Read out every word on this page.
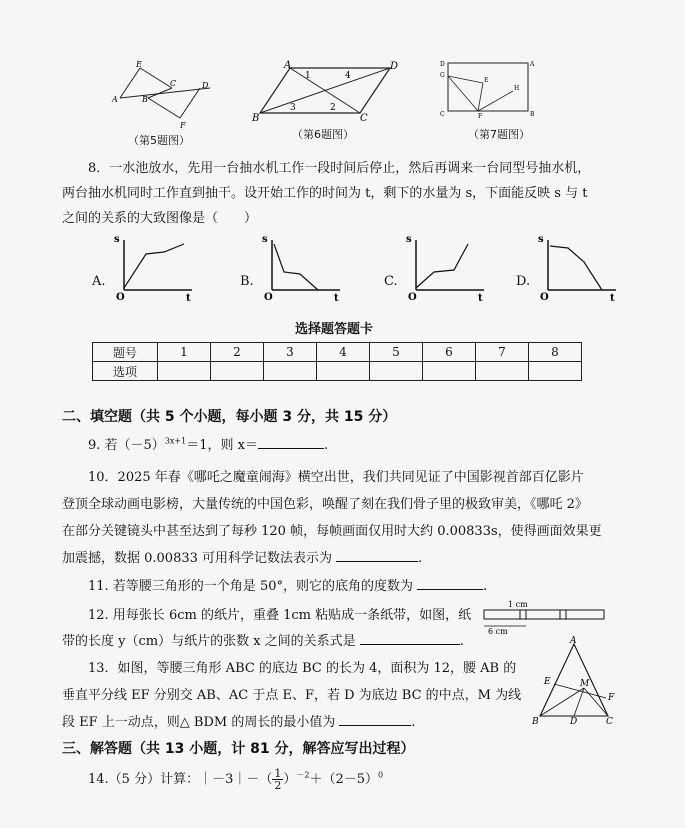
E
A	B
C	D
F
（第5题图）
A	D
B	C
1
2
3
4
（第6题图）
D	A
C	B
E
F
G
H
（第7题图）
8．一水池放水，先用一台抽水机工作一段时间后停止，然后再调来一台同型号抽水机，
两台抽水机同时工作直到抽干。设开始工作的时间为 t，剩下的水量为 s，下面能反映 s 与 t
之间的关系的大致图像是（　　）
A.
s
t
O
B.
s
t
O
C.
s
t
O
D.
s
t
O
选择题答题卡
题号	1	2	3	4	5	6	7	8
选项								
二、填空题（共 5 个小题，每小题 3 分，共 15 分）
9. 若$(-5)^{3x+1}=1$，则 x＝	.
10．2025 年春《哪吒之魔童闹海》横空出世，我们共同见证了中国影视首部百亿影片
登顶全球动画电影榜，大量传统的中国色彩，唤醒了刻在我们骨子里的极致审美，《哪吒 2》
在部分关键镜头中甚至达到了每秒 120 帧，每帧画面仅用时大约 0.00833s，使得画面效果更
加震撼，数据 0.00833 可用科学记数法表示为	.
11. 若等腰三角形的一个角是 50°，则它的底角的度数为	.
12. 用每张长 6cm 的纸片，重叠 1cm 粘贴成一条纸带，如图，纸
带的长度 y（cm）与纸片的张数 x 之间的关系式是	.
1 cm
6 cm
13．如图，等腰三角形 ABC 的底边 BC 的长为 4，面积为 12，腰 AB 的
垂直平分线 EF 分别交 AB、AC 于点 E、F，若 D 为底边 BC 的中点，M 为线
段 EF 上一动点，则△ BDM 的周长的最小值为	.
A
E	M
F
B	D	C
三、解答题（共 13 小题，计 81 分，解答应写出过程）
14.（5 分）计算：｜－3｜－（ $\frac{1}{2} )^{-2}+(2-5)^0$
